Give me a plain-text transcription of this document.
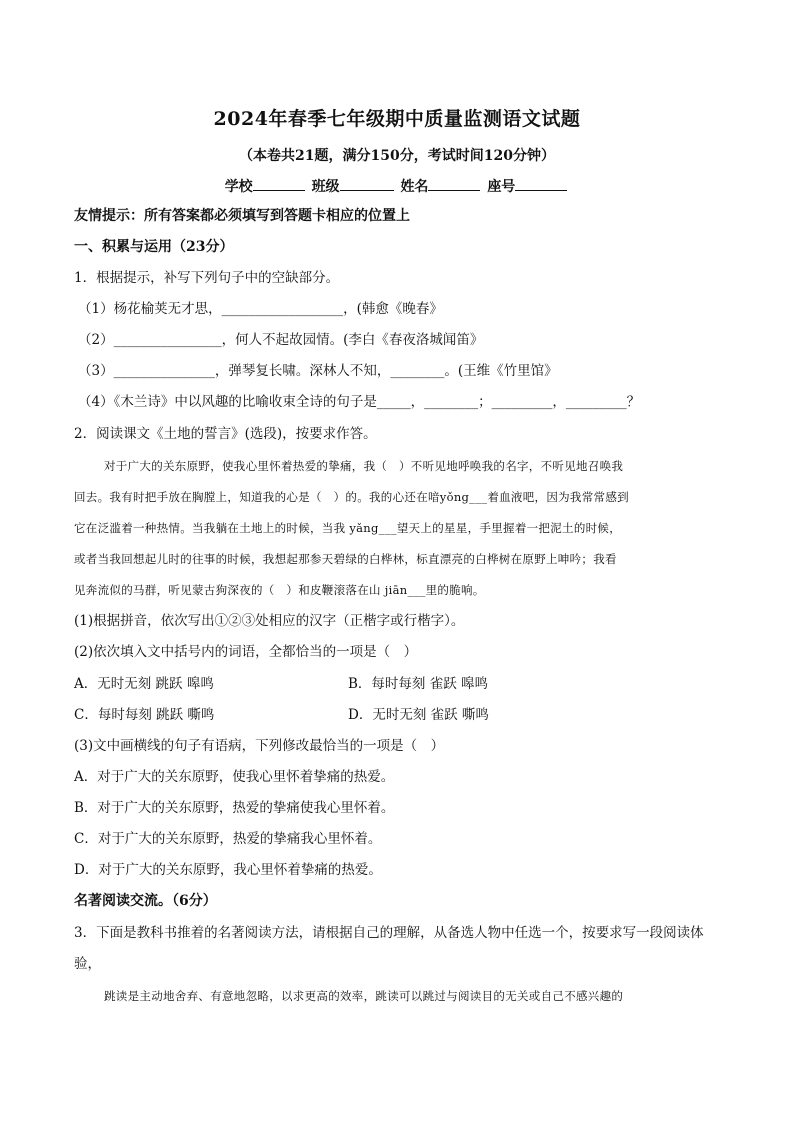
2024年春季七年级期中质量监测语文试题
（本卷共21题，满分150分，考试时间120分钟）
学校	班级	姓名	座号
友情提示：所有答案都必须填写到答题卡相应的位置上
一、积累与运用（23分）
1．根据提示，补写下列句子中的空缺部分。
（1）杨花榆荚无才思，__________________，(韩愈《晚春》
（2）________________，何人不起故园情。(李白《春夜洛城闻笛》
（3）_______________，弹琴复长啸。深林人不知，________。(王维《竹里馆》
（4）《木兰诗》中以风趣的比喻收束全诗的句子是_____，________；_________，_________？
2．阅读课文《土地的誓言》(选段)，按要求作答。
对于广大的关东原野，使我心里怀着热爱的挚痛，我（　）不听见地呼唤我的名字，不听见地召唤我
回去。我有时把手放在胸膛上，知道我的心是（　）的。我的心还在喑yǒng___着血液吧，因为我常常感到
它在泛滥着一种热情。当我躺在土地上的时候，当我 yǎng___望天上的星星，手里握着一把泥土的时候，
或者当我回想起儿时的往事的时候，我想起那参天碧绿的白桦林，标直漂亮的白桦树在原野上呻吟；我看
见奔流似的马群，听见蒙古狗深夜的（　）和皮鞭滚落在山 jiān___里的脆响。
(1)根据拼音，依次写出①②③处相应的汉字（正楷字或行楷字）。
(2)依次填入文中括号内的词语，全都恰当的一项是（　）
A．无时无刻 跳跃 嗥鸣	B．每时每刻 雀跃 嗥鸣
C．每时每刻 跳跃 嘶鸣	D．无时无刻 雀跃 嘶鸣
(3)文中画横线的句子有语病，下列修改最恰当的一项是（　）
A．对于广大的关东原野，使我心里怀着挚痛的热爱。
B．对于广大的关东原野，热爱的挚痛使我心里怀着。
C．对于广大的关东原野，热爱的挚痛我心里怀着。
D．对于广大的关东原野，我心里怀着挚痛的热爱。
名著阅读交流。（6分）
3．下面是教科书推着的名著阅读方法，请根据自己的理解，从备选人物中任选一个，按要求写一段阅读体
验，
跳读是主动地舍弃、有意地忽略，以求更高的效率，跳读可以跳过与阅读目的无关或自己不感兴趣的
